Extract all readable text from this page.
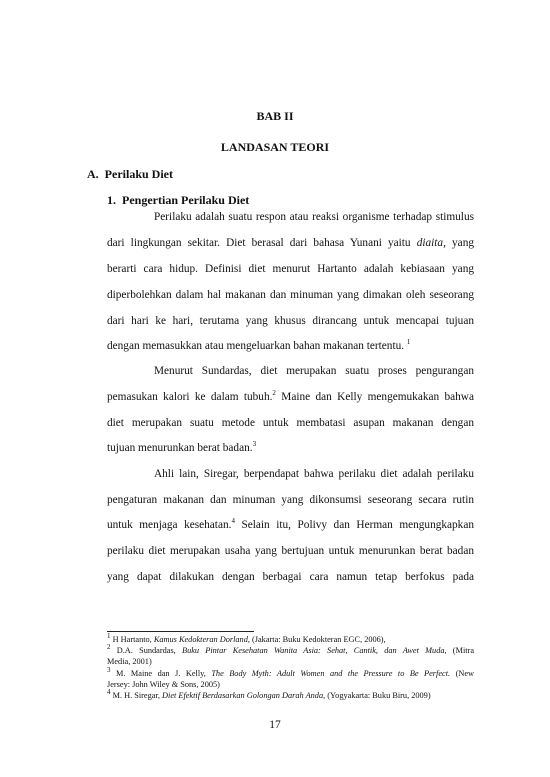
BAB II
LANDASAN TEORI
A. Perilaku Diet
1. Pengertian Perilaku Diet
Perilaku adalah suatu respon atau reaksi organisme terhadap stimulus
dari lingkungan sekitar. Diet berasal dari bahasa Yunani yaitu diaita, yang
berarti cara hidup. Definisi diet menurut Hartanto adalah kebiasaan yang
diperbolehkan dalam hal makanan dan minuman yang dimakan oleh seseorang
dari hari ke hari, terutama yang khusus dirancang untuk mencapai tujuan
dengan memasukkan atau mengeluarkan bahan makanan tertentu. $^1$
Menurut Sundardas, diet merupakan suatu proses pengurangan
pemasukan kalori ke dalam tubuh.$^2$ Maine dan Kelly mengemukakan bahwa
diet merupakan suatu metode untuk membatasi asupan makanan dengan
tujuan menurunkan berat badan.$^3$
Ahli lain, Siregar, berpendapat bahwa perilaku diet adalah perilaku
pengaturan makanan dan minuman yang dikonsumsi seseorang secara rutin
untuk menjaga kesehatan.$^4$ Selain itu, Polivy dan Herman mengungkapkan
perilaku diet merupakan usaha yang bertujuan untuk menurunkan berat badan
yang dapat dilakukan dengan berbagai cara namun tetap berfokus pada
$^1$ H Hartanto, Kamus Kedokteran Dorland, (Jakarta: Buku Kedokteran EGC, 2006),
$^2$ D.A. Sundardas, Buku Pintar Kesehatan Wanita Asia: Sehat, Cantik, dan Awet Muda, (Mitra
Media, 2001)
$^3$ M. Maine dan J. Kelly, The Body Myth: Adult Women and the Pressure to Be Perfect. (New
Jersey: John Wiley & Sons, 2005)
$^4$ M. H. Siregar, Diet Efektif Berdasarkan Golongan Darah Anda, (Yogyakarta: Buku Biru, 2009)
17
